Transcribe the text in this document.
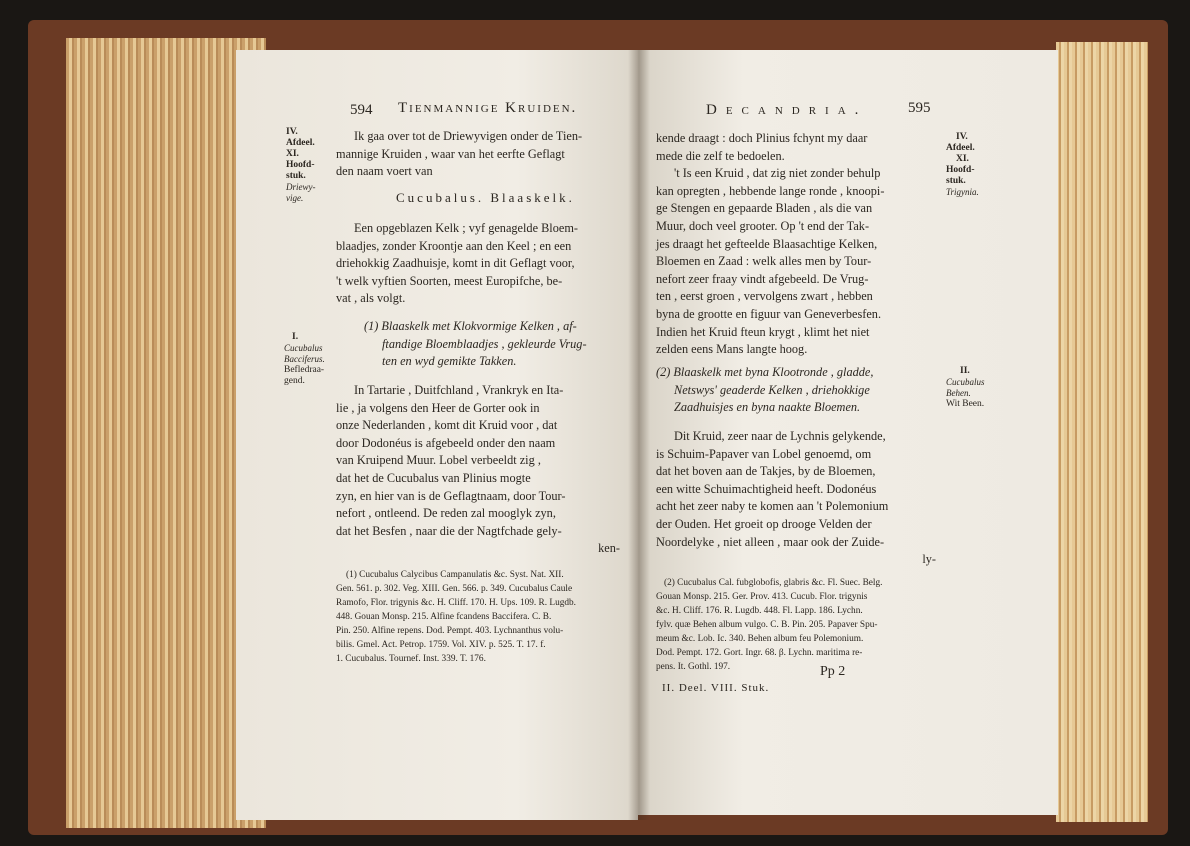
594 Tienmannige Kruiden.
IV.
Afdeel.
XI.
Hoofd-
stuk.
Driewy-
vige.
Ik gaa over tot de Driewyvigen onder de Tien-
mannige Kruiden , waar van het eerfte Geflagt
den naam voert van
Cucubalus. Blaaskelk.
Een opgeblazen Kelk ; vyf genagelde Bloem-
blaadjes, zonder Kroontje aan den Keel ; en een
driehokkig Zaadhuisje, komt in dit Geflagt voor,
't welk vyftien Soorten, meest Europifche, be-
vat , als volgt.
I.
Cucubalus
Bacciferus.
Befledraa-
gend.
(1) Blaaskelk met Klokvormige Kelken , af-
ftandige Bloemblaadjes , gekleurde Vrug-
ten en wyd gemikte Takken.
In Tartarie , Duitfchland , Vrankryk en Ita-
lie , ja volgens den Heer de Gorter ook in
onze Nederlanden , komt dit Kruid voor , dat
door Dodonéus is afgebeeld onder den naam
van Kruipend Muur. Lobel verbeeldt zig ,
dat het de Cucubalus van Plinius mogte
zyn, en hier van is de Geflagtnaam, door Tour-
nefort , ontleend. De reden zal mooglyk zyn,
dat het Besfen , naar die der Nagtfchade gely-
ken-
(1) Cucubalus Calycibus Campanulatis &c. Syst. Nat. XII.
Gen. 561. p. 302. Veg. XIII. Gen. 566. p. 349. Cucubalus Caule
Ramofo, Flor. trigynis &c. H. Cliff. 170. H. Ups. 109. R. Lugdb.
448. Gouan Monsp. 215. Alfine fcandens Baccifera. C. B.
Pin. 250. Alfine repens. Dod. Pempt. 403. Lychnanthus volu-
bilis. Gmel. Act. Petrop. 1759. Vol. XIV. p. 525. T. 17. f.
1. Cucubalus. Tournef. Inst. 339. T. 176.
Decandria.	595
kende draagt : doch Plinius fchynt my daar
mede die zelf te bedoelen.
't Is een Kruid , dat zig niet zonder behulp
kan opregten , hebbende lange ronde , knoopi-
ge Stengen en gepaarde Bladen , als die van
Muur, doch veel grooter. Op 't end der Tak-
jes draagt het gefteelde Blaasachtige Kelken,
Bloemen en Zaad : welk alles men by Tour-
nefort zeer fraay vindt afgebeeld. De Vrug-
ten , eerst groen , vervolgens zwart , hebben
byna de grootte en figuur van Geneverbesfen.
Indien het Kruid fteun krygt , klimt het niet
zelden eens Mans langte hoog.
IV.
Afdeel.
XI.
Hoofd-
stuk.
Trigynia.
(2) Blaaskelk met byna Klootronde , gladde,
Netswys' geaderde Kelken , driehokkige
Zaadhuisjes en byna naakte Bloemen.
II.
Cucubalus
Behen.
Wit Been.
Dit Kruid, zeer naar de Lychnis gelykende,
is Schuim-Papaver van Lobel genoemd, om
dat het boven aan de Takjes, by de Bloemen,
een witte Schuimachtigheid heeft. Dodonéus
acht het zeer naby te komen aan 't Polemonium
der Ouden. Het groeit op drooge Velden der
Noordelyke , niet alleen , maar ook der Zuide-
ly-
(2) Cucubalus Cal. fubglobofis, glabris &c. Fl. Suec. Belg.
Gouan Monsp. 215. Ger. Prov. 413. Cucub. Flor. trigynis
&c. H. Cliff. 176. R. Lugdb. 448. Fl. Lapp. 186. Lychn.
fylv. quæ Behen album vulgo. C. B. Pin. 205. Papaver Spu-
meum &c. Lob. Ic. 340. Behen album feu Polemonium.
Dod. Pempt. 172. Gort. Ingr. 68. β. Lychn. maritima re-
pens. It. Gothl. 197.	Pp 2
II. Deel. VIII. Stuk.
